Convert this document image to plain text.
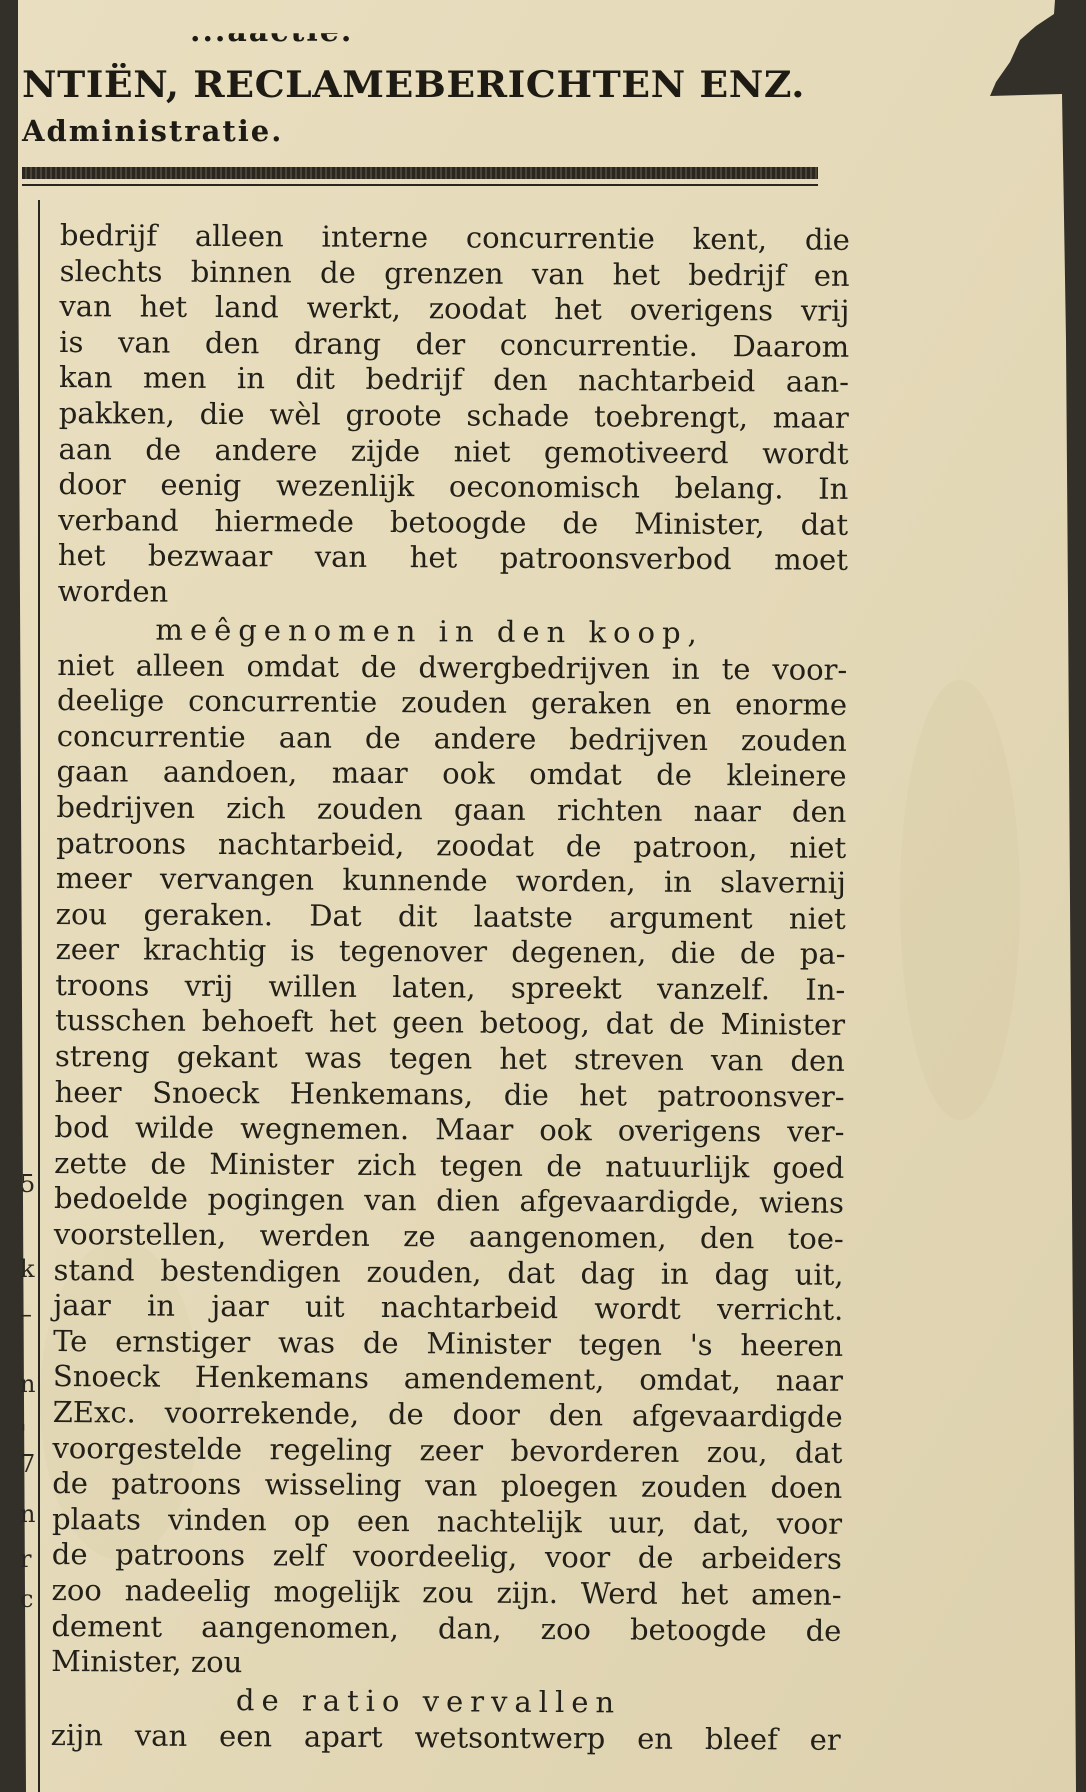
NTIËN, RECLAMEBERICHTEN ENZ.
Administratie.
5
k
–
n
'
7
n
r
c
bedrijf alleen interne concurrentie kent, die
slechts binnen de grenzen van het bedrijf en
van het land werkt, zoodat het overigens vrij
is van den drang der concurrentie. Daarom
kan men in dit bedrijf den nachtarbeid aan-
pakken, die wèl groote schade toebrengt, maar
aan de andere zijde niet gemotiveerd wordt
door eenig wezenlijk oeconomisch belang. In
verband hiermede betoogde de Minister, dat
het bezwaar van het patroonsverbod moet
worden
meêgenomen in den koop,
niet alleen omdat de dwergbedrijven in te voor-
deelige concurrentie zouden geraken en enorme
concurrentie aan de andere bedrijven zouden
gaan aandoen, maar ook omdat de kleinere
bedrijven zich zouden gaan richten naar den
patroons nachtarbeid, zoodat de patroon, niet
meer vervangen kunnende worden, in slavernij
zou geraken. Dat dit laatste argument niet
zeer krachtig is tegenover degenen, die de pa-
troons vrij willen laten, spreekt vanzelf. In-
tusschen behoeft het geen betoog, dat de Minister
streng gekant was tegen het streven van den
heer Snoeck Henkemans, die het patroonsver-
bod wilde wegnemen. Maar ook overigens ver-
zette de Minister zich tegen de natuurlijk goed
bedoelde pogingen van dien afgevaardigde, wiens
voorstellen, werden ze aangenomen, den toe-
stand bestendigen zouden, dat dag in dag uit,
jaar in jaar uit nachtarbeid wordt verricht.
Te ernstiger was de Minister tegen 's heeren
Snoeck Henkemans amendement, omdat, naar
ZExc. voorrekende, de door den afgevaardigde
voorgestelde regeling zeer bevorderen zou, dat
de patroons wisseling van ploegen zouden doen
plaats vinden op een nachtelijk uur, dat, voor
de patroons zelf voordeelig, voor de arbeiders
zoo nadeelig mogelijk zou zijn. Werd het amen-
dement aangenomen, dan, zoo betoogde de
Minister, zou
de ratio vervallen
zijn van een apart wetsontwerp en bleef er
